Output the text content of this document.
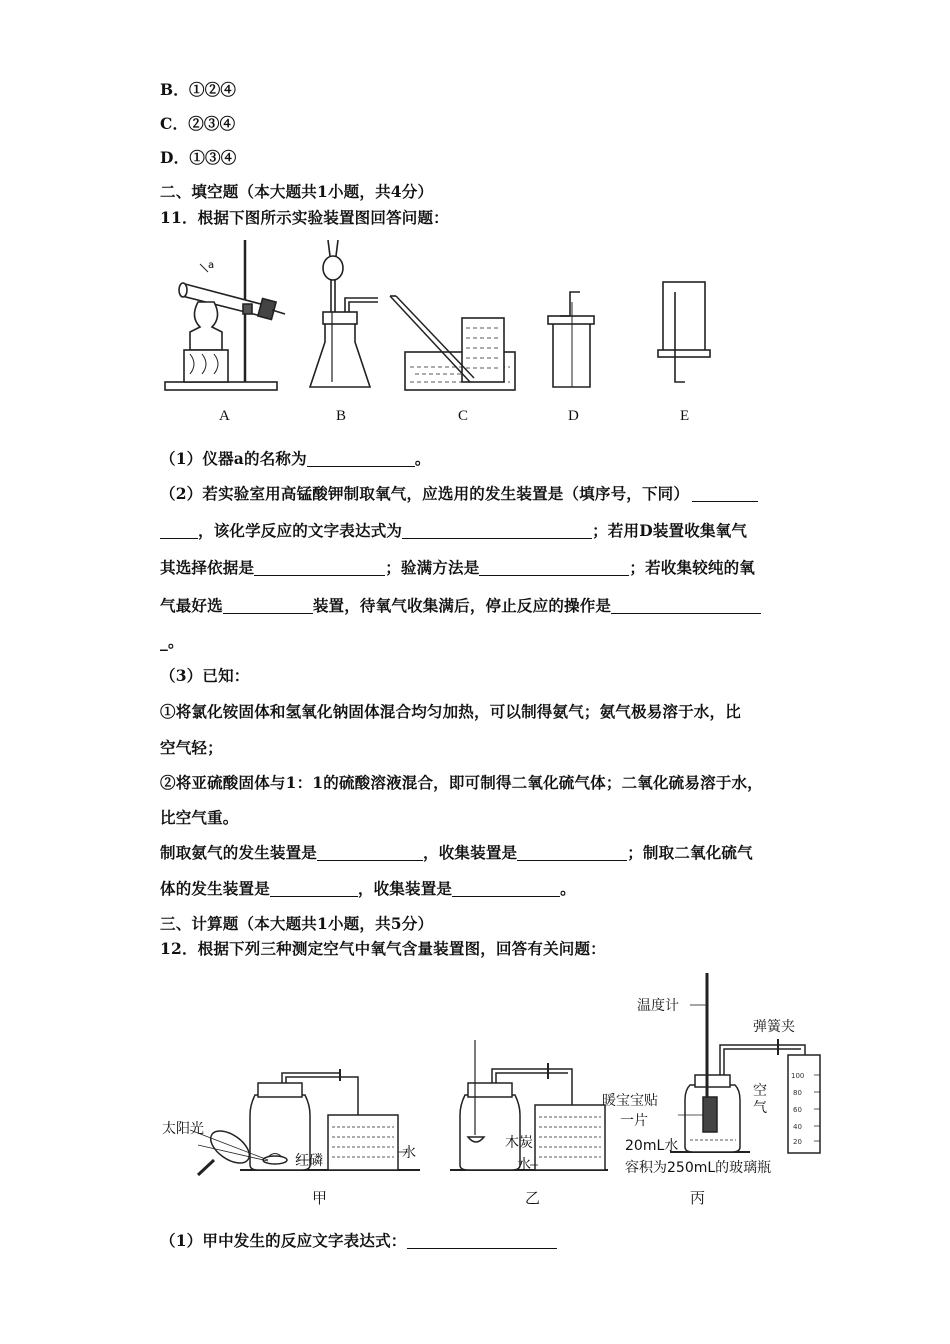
B．①②④
C．②③④
D．①③④
二、填空题（本大题共1小题，共4分）
11．根据下图所示实验装置图回答问题：
a
A	B	C	D	E
（1）仪器a的名称为	。
（2）若实验室用高锰酸钾制取氧气，应选用的发生装置是（填序号，下同）
，该化学反应的文字表达式为	；若用D装置收集氧气
其选择依据是	；验满方法是	；若收集较纯的氧
气最好选	装置，待氧气收集满后，停止反应的操作是
_。
（3）已知：
①将氯化铵固体和氢氧化钠固体混合均匀加热，可以制得氨气；氨气极易溶于水，比
空气轻；
②将亚硫酸固体与1：1的硫酸溶液混合，即可制得二氧化硫气体；二氧化硫易溶于水，
比空气重。
制取氨气的发生装置是	，收集装置是	；制取二氧化硫气
体的发生装置是	，收集装置是	。
三、计算题（本大题共1小题，共5分）
12．根据下列三种测定空气中氧气含量装置图，回答有关问题：
太阳光
红磷	水
木炭
水
温度计
弹簧夹
暖宝宝贴
一片
空
气
20mL水
容积为250mL的玻璃瓶
100
80
60
40
20
甲	乙	丙
（1）甲中发生的反应文字表达式：
